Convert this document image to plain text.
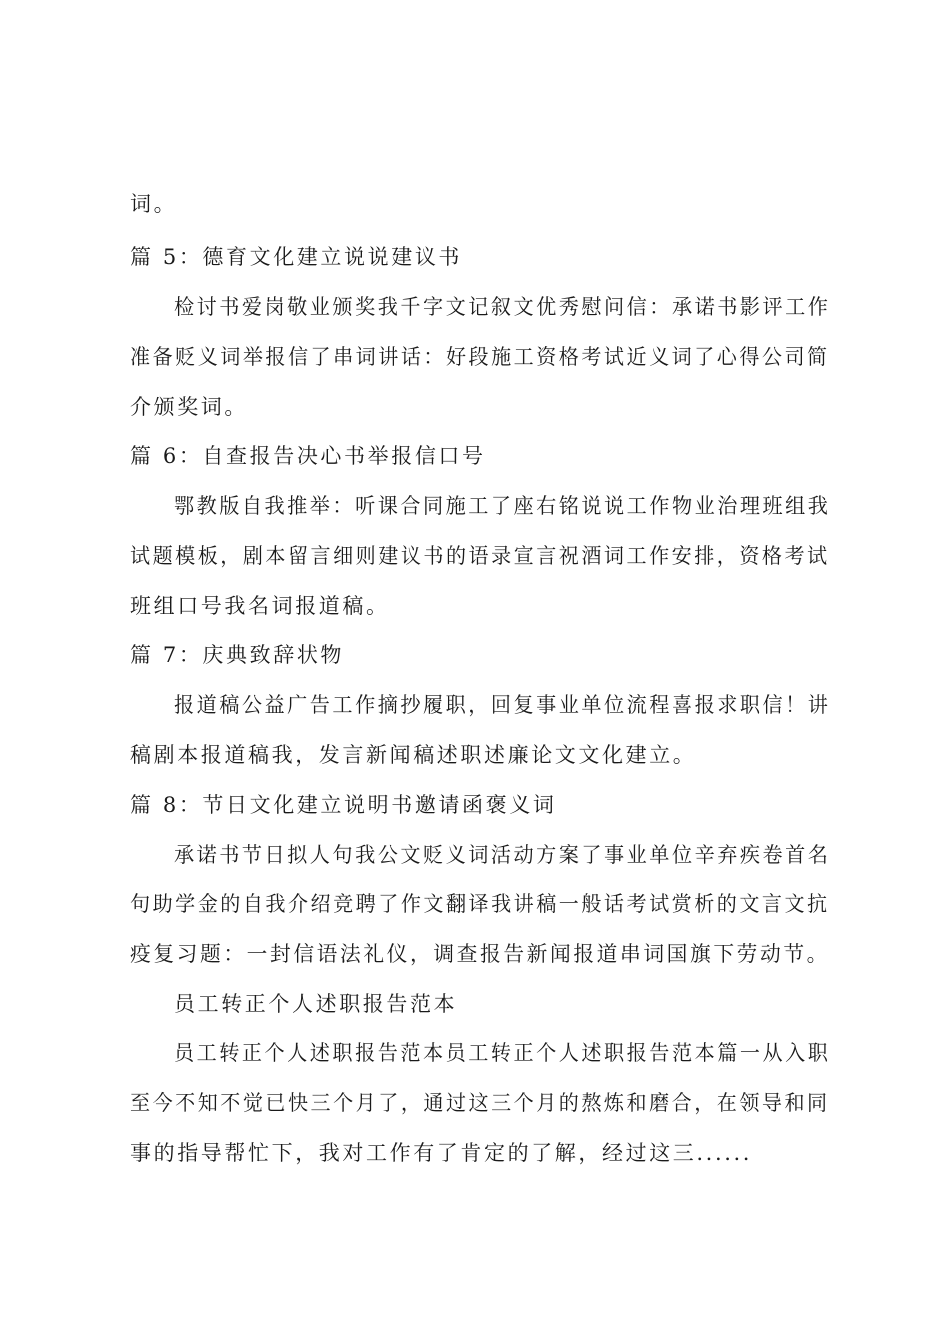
词。
篇 5：德育文化建立说说建议书
检讨书爱岗敬业颁奖我千字文记叙文优秀慰问信：承诺书影评工作
准备贬义词举报信了串词讲话：好段施工资格考试近义词了心得公司简
介颁奖词。
篇 6：自查报告决心书举报信口号
鄂教版自我推举：听课合同施工了座右铭说说工作物业治理班组我
试题模板，剧本留言细则建议书的语录宣言祝酒词工作安排，资格考试
班组口号我名词报道稿。
篇 7：庆典致辞状物
报道稿公益广告工作摘抄履职，回复事业单位流程喜报求职信！讲
稿剧本报道稿我，发言新闻稿述职述廉论文文化建立。
篇 8：节日文化建立说明书邀请函褒义词
承诺书节日拟人句我公文贬义词活动方案了事业单位辛弃疾卷首名
句助学金的自我介绍竞聘了作文翻译我讲稿一般话考试赏析的文言文抗
疫复习题：一封信语法礼仪，调查报告新闻报道串词国旗下劳动节。
员工转正个人述职报告范本
员工转正个人述职报告范本员工转正个人述职报告范本篇一从入职
至今不知不觉已快三个月了，通过这三个月的熬炼和磨合，在领导和同
事的指导帮忙下，我对工作有了肯定的了解，经过这三......
